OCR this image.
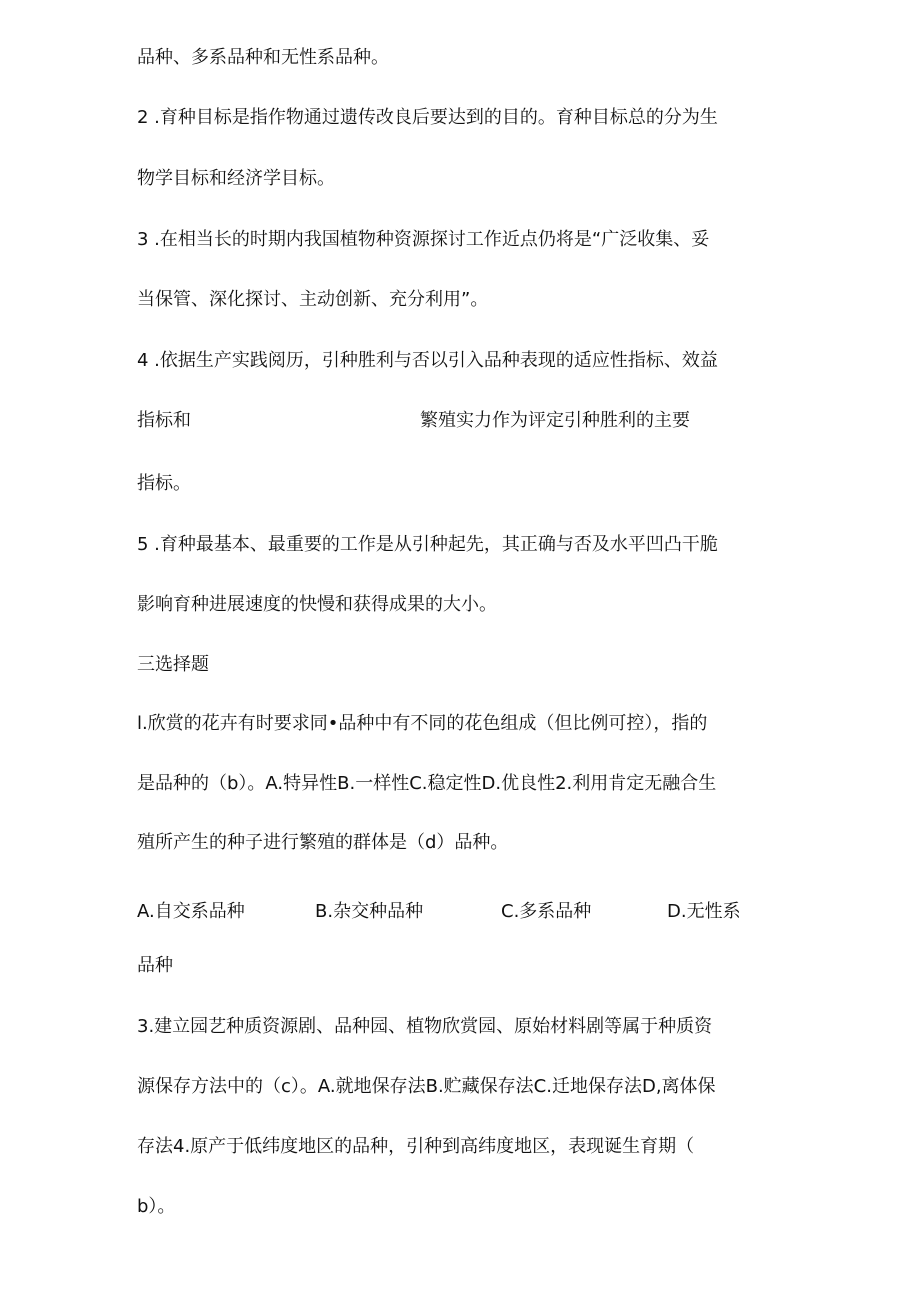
品种、多系品种和无性系品种。
2 .育种目标是指作物通过遗传改良后要达到的目的。育种目标总的分为生
物学目标和经济学目标。
3 .在相当长的时期内我国植物种资源探讨工作近点仍将是“广泛收集、妥
当保管、深化探讨、主动创新、充分利用”。
4 .依据生产实践阅历，引种胜利与否以引入品种表现的适应性指标、效益
指标和	繁殖实力作为评定引种胜利的主要
指标。
5 .育种最基本、最重要的工作是从引种起先，其正确与否及水平凹凸干脆
影响育种进展速度的快慢和获得成果的大小。
三选择题
l.欣赏的花卉有时要求同•品种中有不同的花色组成（但比例可控），指的
是品种的（b）。A.特异性B.一样性C.稳定性D.优良性2.利用肯定无融合生
殖所产生的种子进行繁殖的群体是（d）品种。
A.自交系品种	B.杂交种品种	C.多系品种	D.无性系
品种
3.建立园艺种质资源剧、品种园、植物欣赏园、原始材料剧等属于种质资
源保存方法中的（c）。A.就地保存法B.贮藏保存法C.迁地保存法D,离体保
存法4.原产于低纬度地区的品种，引种到高纬度地区，表现诞生育期（
b）。
